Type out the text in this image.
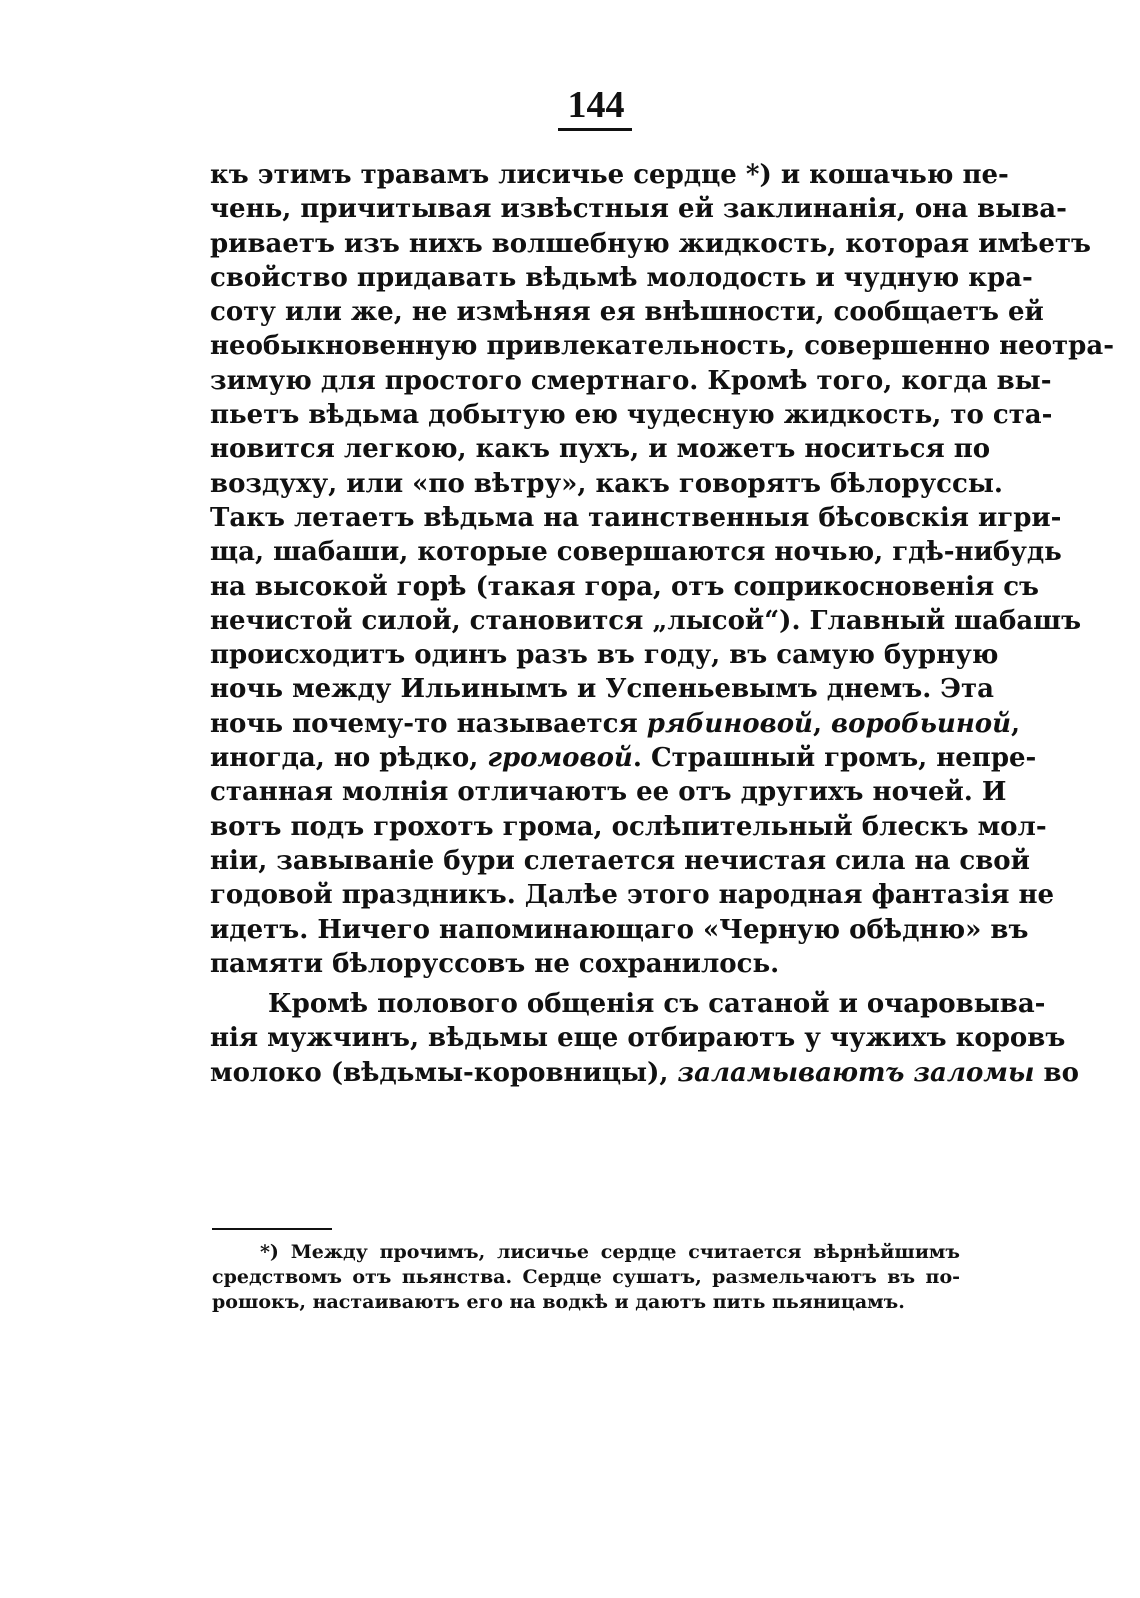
144
къ этимъ травамъ лисичье сердце *) и кошачью пе-
чень, причитывая извѣстныя ей заклинанія, она выва-
риваетъ изъ нихъ волшебную жидкость, которая имѣетъ
свойство придавать вѣдьмѣ молодость и чудную кра-
соту или же, не измѣняя ея внѣшности, сообщаетъ ей
необыкновенную привлекательность, совершенно неотра-
зимую для простого смертнаго. Кромѣ того, когда вы-
пьетъ вѣдьма добытую ею чудесную жидкость, то ста-
новится легкою, какъ пухъ, и можетъ носиться по
воздуху, или «по вѣтру», какъ говорятъ бѣлоруссы.
Такъ летаетъ вѣдьма на таинственныя бѣсовскія игри-
ща, шабаши, которые совершаются ночью, гдѣ-нибудь
на высокой горѣ (такая гора, отъ соприкосновенія съ
нечистой силой, становится „лысой“). Главный шабашъ
происходитъ одинъ разъ въ году, въ самую бурную
ночь между Ильинымъ и Успеньевымъ днемъ. Эта
ночь почему-то называется рябиновой, воробьиной,
иногда, но рѣдко, громовой. Страшный громъ, непре-
станная молнія отличаютъ ее отъ другихъ ночей. И
вотъ подъ грохотъ грома, ослѣпительный блескъ мол-
ніи, завываніе бури слетается нечистая сила на свой
годовой праздникъ. Далѣе этого народная фантазія не
идетъ. Ничего напоминающаго «Черную обѣдню» въ
памяти бѣлоруссовъ не сохранилось.
Кромѣ полового общенія съ сатаной и очаровыва-
нія мужчинъ, вѣдьмы еще отбираютъ у чужихъ коровъ
молоко (вѣдьмы-коровницы), заламываютъ заломы во
*) Между прочимъ, лисичье сердце считается вѣрнѣйшимъ
средствомъ отъ пьянства. Сердце сушатъ, размельчаютъ въ по-
рошокъ, настаиваютъ его на водкѣ и даютъ пить пьяницамъ.
